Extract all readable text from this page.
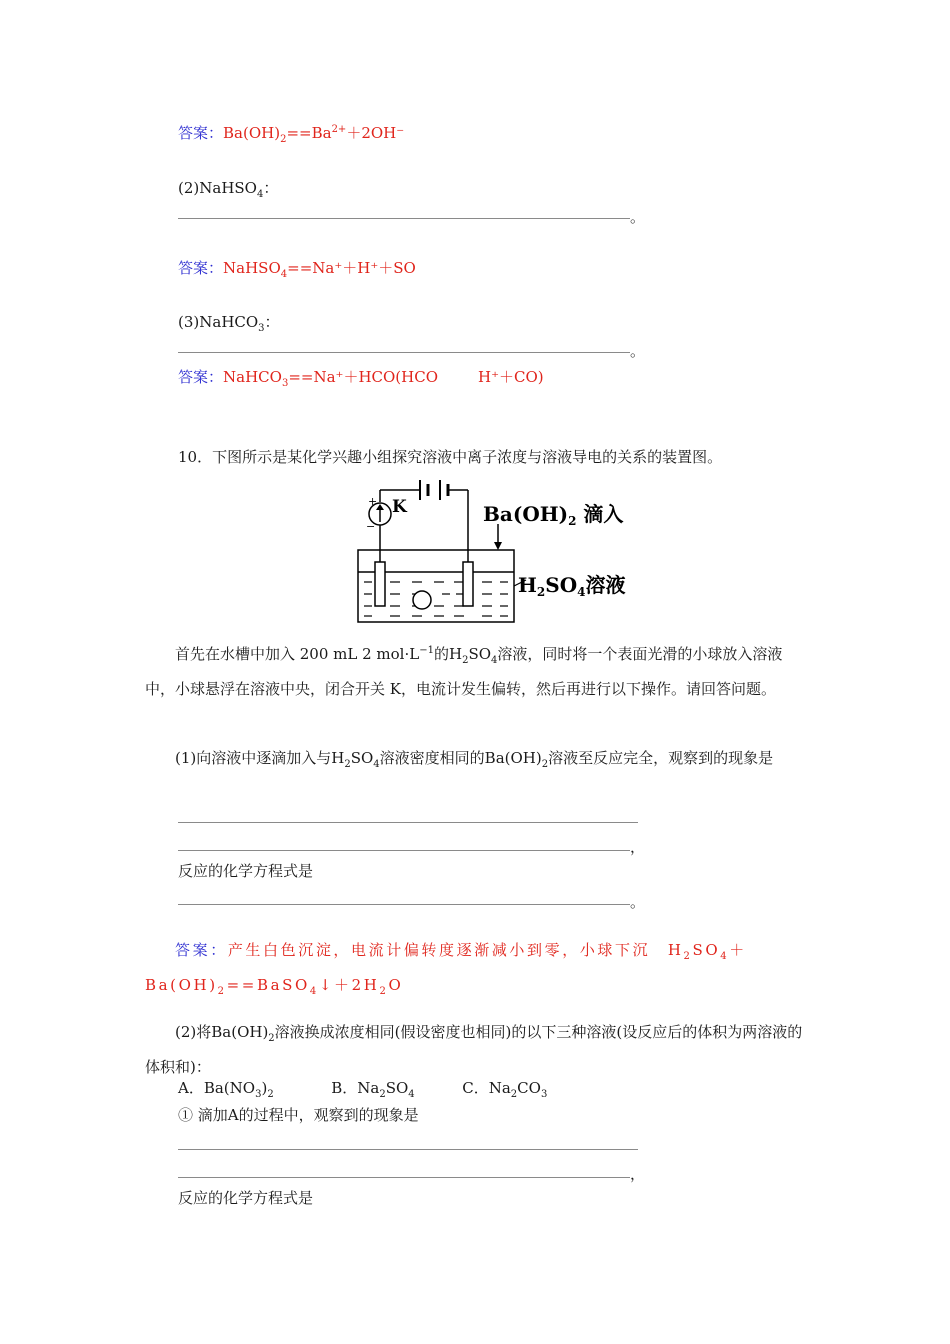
答案：$Ba(OH)_2==Ba^{2+}+2OH^-$
(2)NaHSO$_4$：
。
答案：NaHSO$_4$==Na⁺＋H⁺＋SO
(3)NaHCO$_3$：
。
答案：NaHCO$_3$==Na⁺＋HCO(HCO	H⁺＋CO)
10．下图所示是某化学兴趣小组探究溶液中离子浓度与溶液导电的关系的装置图。
+
−
K	$Ba(OH)_2$ 滴入
$H_2SO_4$溶液
首先在水槽中加入 200 mL 2 $mol\cdot L^{-1}$的$H_2SO_4$溶液，同时将一个表面光滑的小球放入溶液中，小球悬浮在溶液中央，闭合开关 K，电流计发生偏转，然后再进行以下操作。请回答问题。
(1)向溶液中逐滴加入与$H_2SO_4$溶液密度相同的$Ba(OH)_2$溶液至反应完全，观察到的现象是
，
反应的化学方程式是
。
答案：产生白色沉淀，电流计偏转度逐渐减小到零，小球下沉　$H_2SO_4+Ba(OH)_2==BaSO_4↓+2H_2O$
(2)将$Ba(OH)_2$溶液换成浓度相同(假设密度也相同)的以下三种溶液(设反应后的体积为两溶液的体积和)：
A．$Ba(NO_3)_2$	B．$Na_2SO_4$	C．$Na_2CO_3$
① 滴加A的过程中，观察到的现象是
，
反应的化学方程式是
